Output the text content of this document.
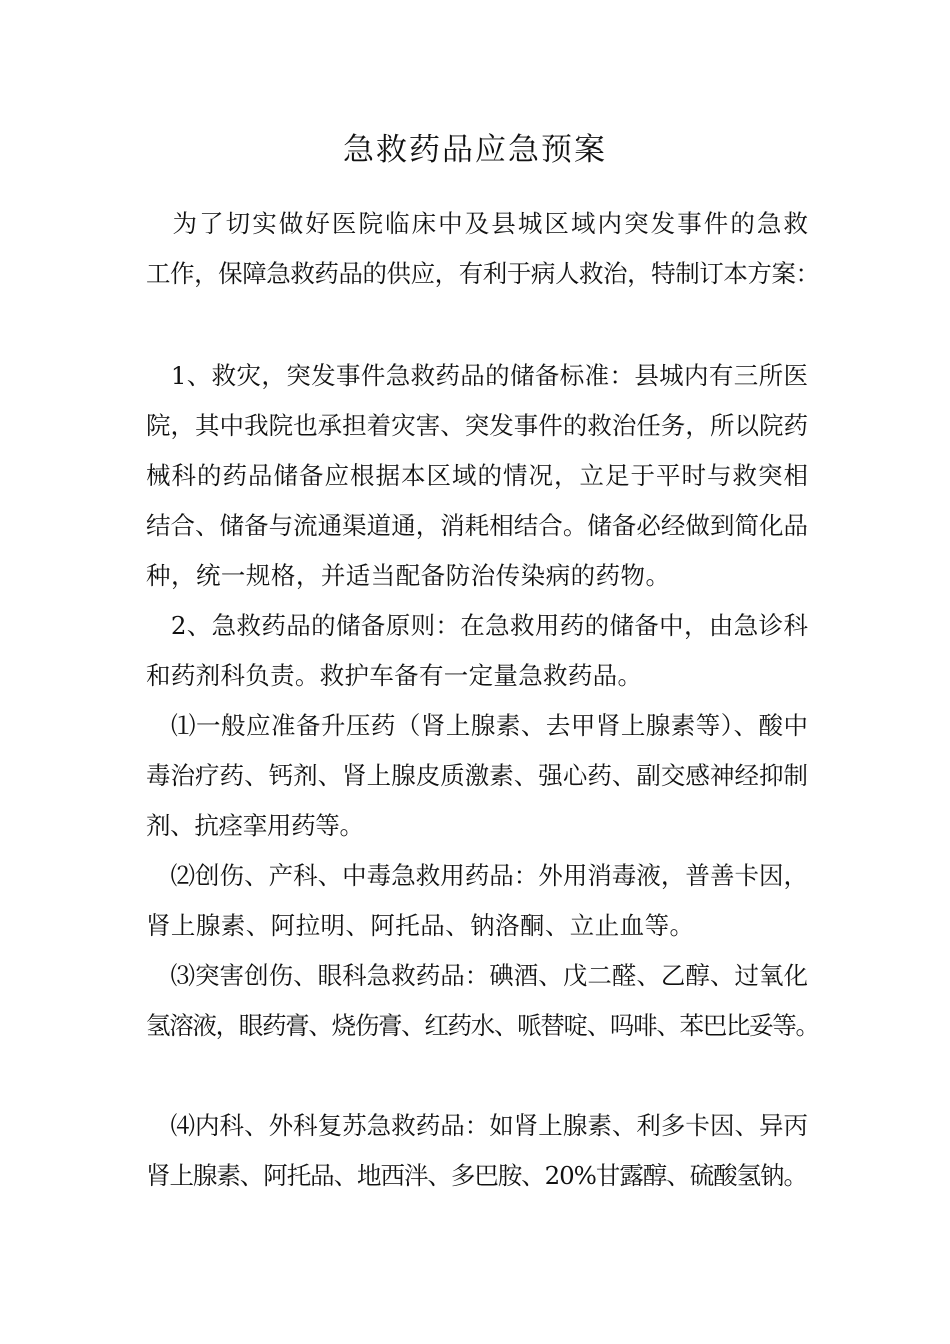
急救药品应急预案

　为了切实做好医院临床中及县城区域内突发事件的急救

工作，保障急救药品的供应，有利于病人救治，特制订本方案：

　1、救灾，突发事件急救药品的储备标准：县城内有三所医

院，其中我院也承担着灾害、突发事件的救治任务，所以院药

械科的药品储备应根据本区域的情况，立足于平时与救突相

结合、储备与流通渠道通，消耗相结合。储备必经做到简化品

种，统一规格，并适当配备防治传染病的药物。

　2、急救药品的储备原则：在急救用药的储备中，由急诊科

和药剂科负责。救护车备有一定量急救药品。

　⑴一般应准备升压药（肾上腺素、去甲肾上腺素等）、酸中

毒治疗药、钙剂、肾上腺皮质激素、强心药、副交感神经抑制

剂、抗痉挛用药等。

　⑵创伤、产科、中毒急救用药品：外用消毒液，普善卡因，

肾上腺素、阿拉明、阿托品、钠洛酮、立止血等。

　⑶突害创伤、眼科急救药品：碘酒、戊二醛、乙醇、过氧化

氢溶液，眼药膏、烧伤膏、红药水、哌替啶、吗啡、苯巴比妥等。

　⑷内科、外科复苏急救药品：如肾上腺素、利多卡因、异丙

肾上腺素、阿托品、地西泮、多巴胺、20%甘露醇、硫酸氢钠。
